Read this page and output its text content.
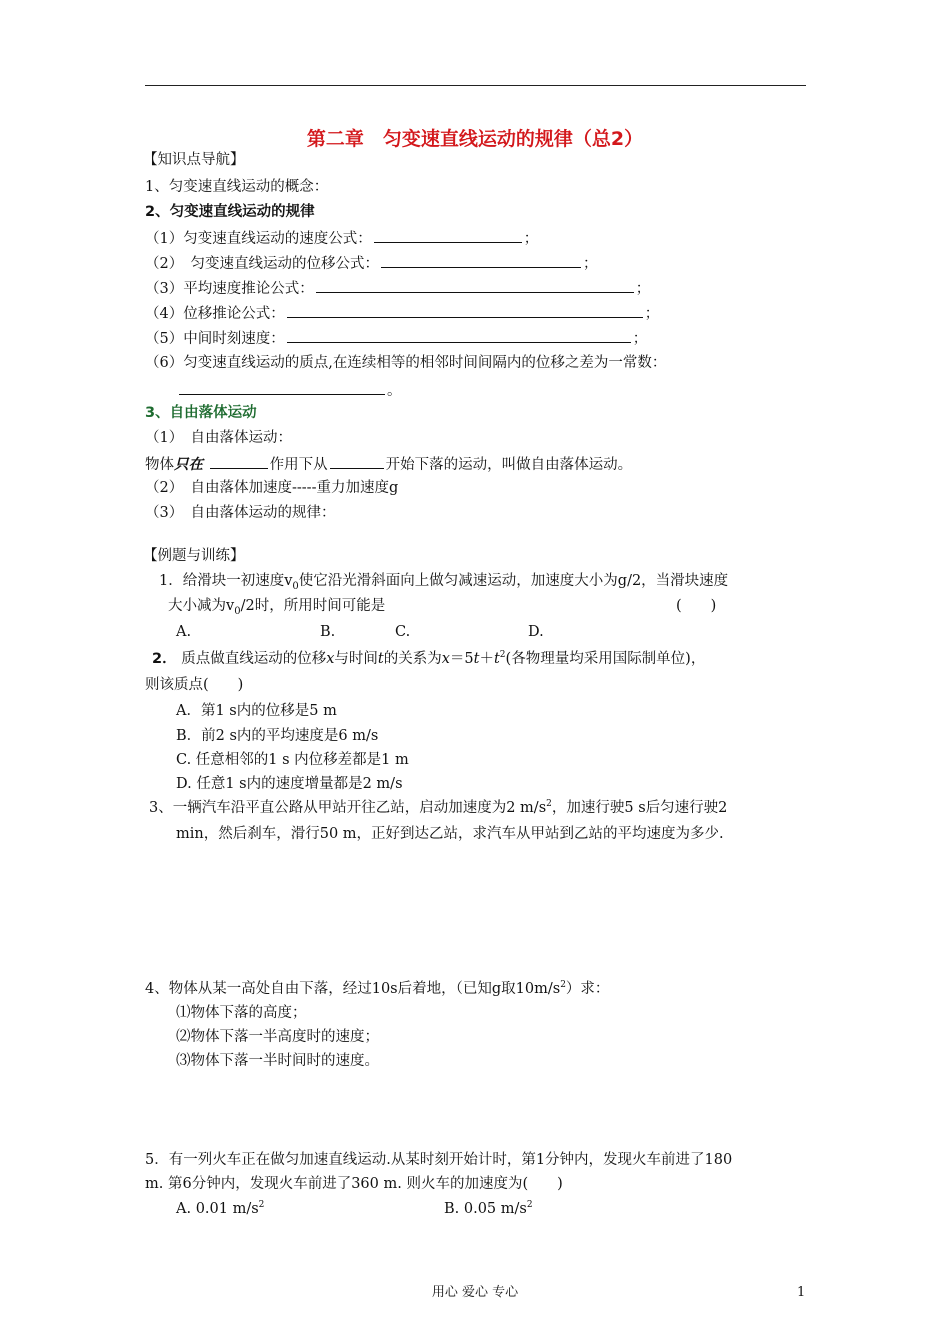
第二章　匀变速直线运动的规律（总2）
【知识点导航】
1、匀变速直线运动的概念：
2、匀变速直线运动的规律
（1）匀变速直线运动的速度公式：	；
（2）　匀变速直线运动的位移公式：	；
（3）平均速度推论公式：	；
（4）位移推论公式：	；
（5）中间时刻速度：	；
（6）匀变速直线运动的质点,在连续相等的相邻时间间隔内的位移之差为一常数：
。
3、自由落体运动
（1）　自由落体运动：
物体只在	作用下从	开始下落的运动，叫做自由落体运动。
（2）　自由落体加速度-----重力加速度g
（3）　自由落体运动的规律：
【例题与训练】
1．给滑块一初速度$v_0$使它沿光滑斜面向上做匀减速运动，加速度大小为g/2，当滑块速度
大小减为$v_0/2$时，所用时间可能是	(　　)
A.	B.	C.	D.
2． 质点做直线运动的位移x与时间t的关系为$x=5t+t^2$(各物理量均采用国际制单位)，
则该质点(　　)
A．第1 s内的位移是5 m
B．前2 s内的平均速度是6 m/s
C. 任意相邻的1 s 内位移差都是1 m
D. 任意1 s内的速度增量都是2 m/s
3、一辆汽车沿平直公路从甲站开往乙站，启动加速度为2 $m/s^2$，加速行驶5 s后匀速行驶2
min，然后刹车，滑行50 m，正好到达乙站，求汽车从甲站到乙站的平均速度为多少.
4、物体从某一高处自由下落，经过10s后着地，（已知g取$10m/s^2$）求：
⑴物体下落的高度；
⑵物体下落一半高度时的速度；
⑶物体下落一半时间时的速度。
5．有一列火车正在做匀加速直线运动.从某时刻开始计时，第1分钟内，发现火车前进了180
m. 第6分钟内，发现火车前进了360 m. 则火车的加速度为(　　)
A. 0.01 $m/s^2$	B. 0.05 $m/s^2$
用心 爱心 专心	1
